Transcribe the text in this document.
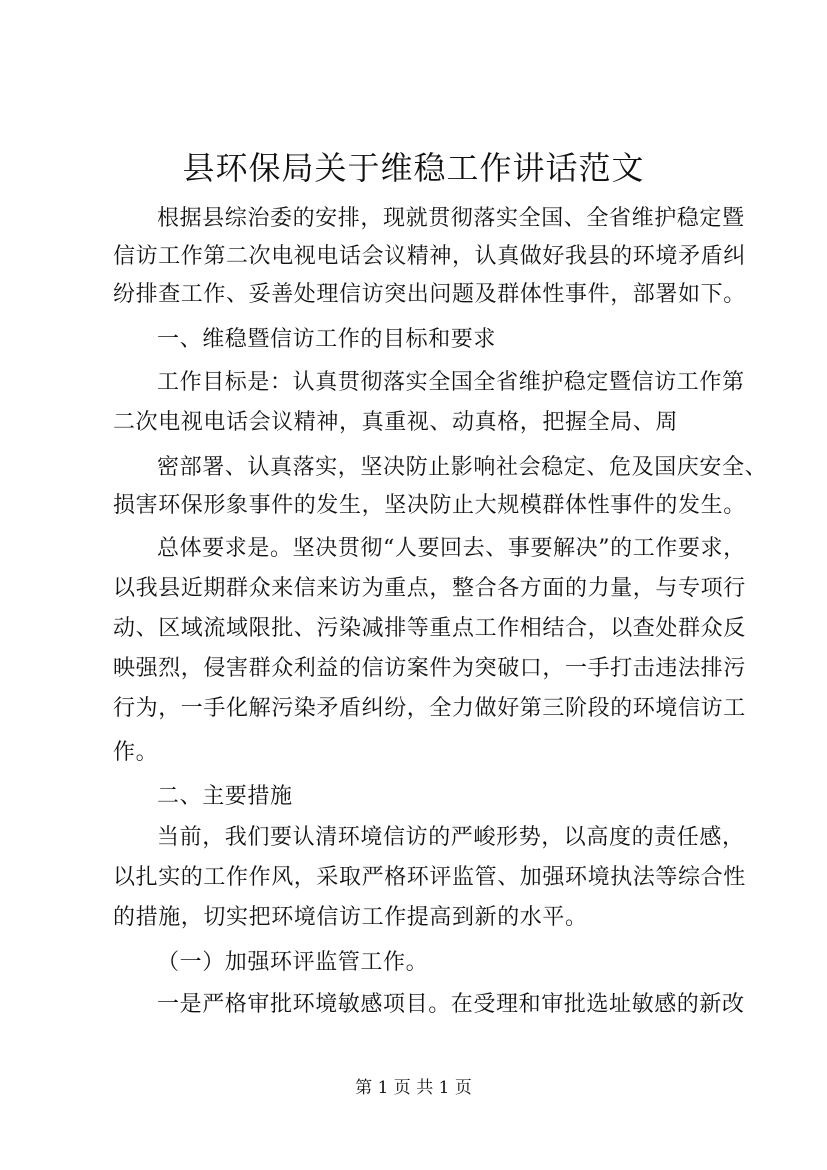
县环保局关于维稳工作讲话范文

根据县综治委的安排，现就贯彻落实全国、全省维护稳定暨

信访工作第二次电视电话会议精神，认真做好我县的环境矛盾纠

纷排查工作、妥善处理信访突出问题及群体性事件，部署如下。

一、维稳暨信访工作的目标和要求

工作目标是：认真贯彻落实全国全省维护稳定暨信访工作第

二次电视电话会议精神，真重视、动真格，把握全局、周

密部署、认真落实，坚决防止影响社会稳定、危及国庆安全、

损害环保形象事件的发生，坚决防止大规模群体性事件的发生。

总体要求是。坚决贯彻“人要回去、事要解决”的工作要求，

以我县近期群众来信来访为重点，整合各方面的力量，与专项行

动、区域流域限批、污染减排等重点工作相结合，以查处群众反

映强烈，侵害群众利益的信访案件为突破口，一手打击违法排污

行为，一手化解污染矛盾纠纷，全力做好第三阶段的环境信访工

作。

二、主要措施

当前，我们要认清环境信访的严峻形势，以高度的责任感，

以扎实的工作作风，采取严格环评监管、加强环境执法等综合性

的措施，切实把环境信访工作提高到新的水平。

（一）加强环评监管工作。

一是严格审批环境敏感项目。在受理和审批选址敏感的新改

第 1 页 共 1 页
